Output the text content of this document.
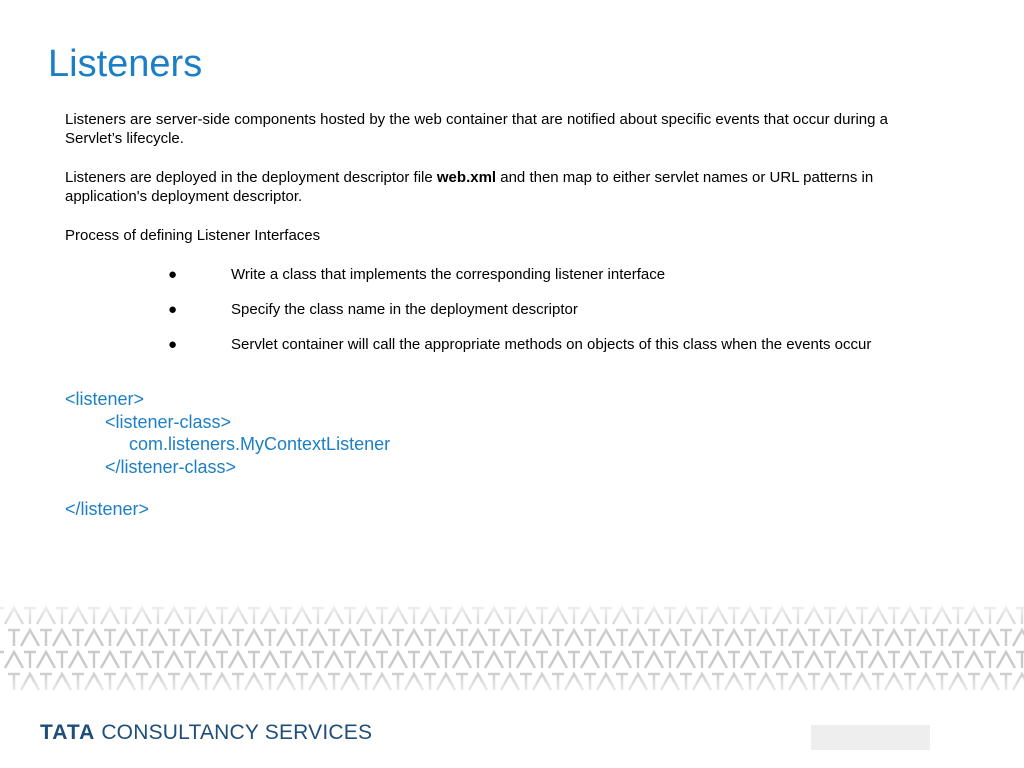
Listeners
Listeners are server-side components hosted by the web container that are notified about specific events that occur during a Servlet’s lifecycle.
Listeners are deployed in the deployment descriptor file web.xml and then map to either servlet names or URL patterns in application's deployment descriptor.
Process of defining Listener Interfaces
●	Write a class that implements the corresponding listener interface
●	Specify the class name in the deployment descriptor
●	Servlet container will call the appropriate methods on objects of this class when the events occur
<listener>
<listener-class>
com.listeners.MyContextListener
</listener-class>
</listener>
TATA CONSULTANCY SERVICES
